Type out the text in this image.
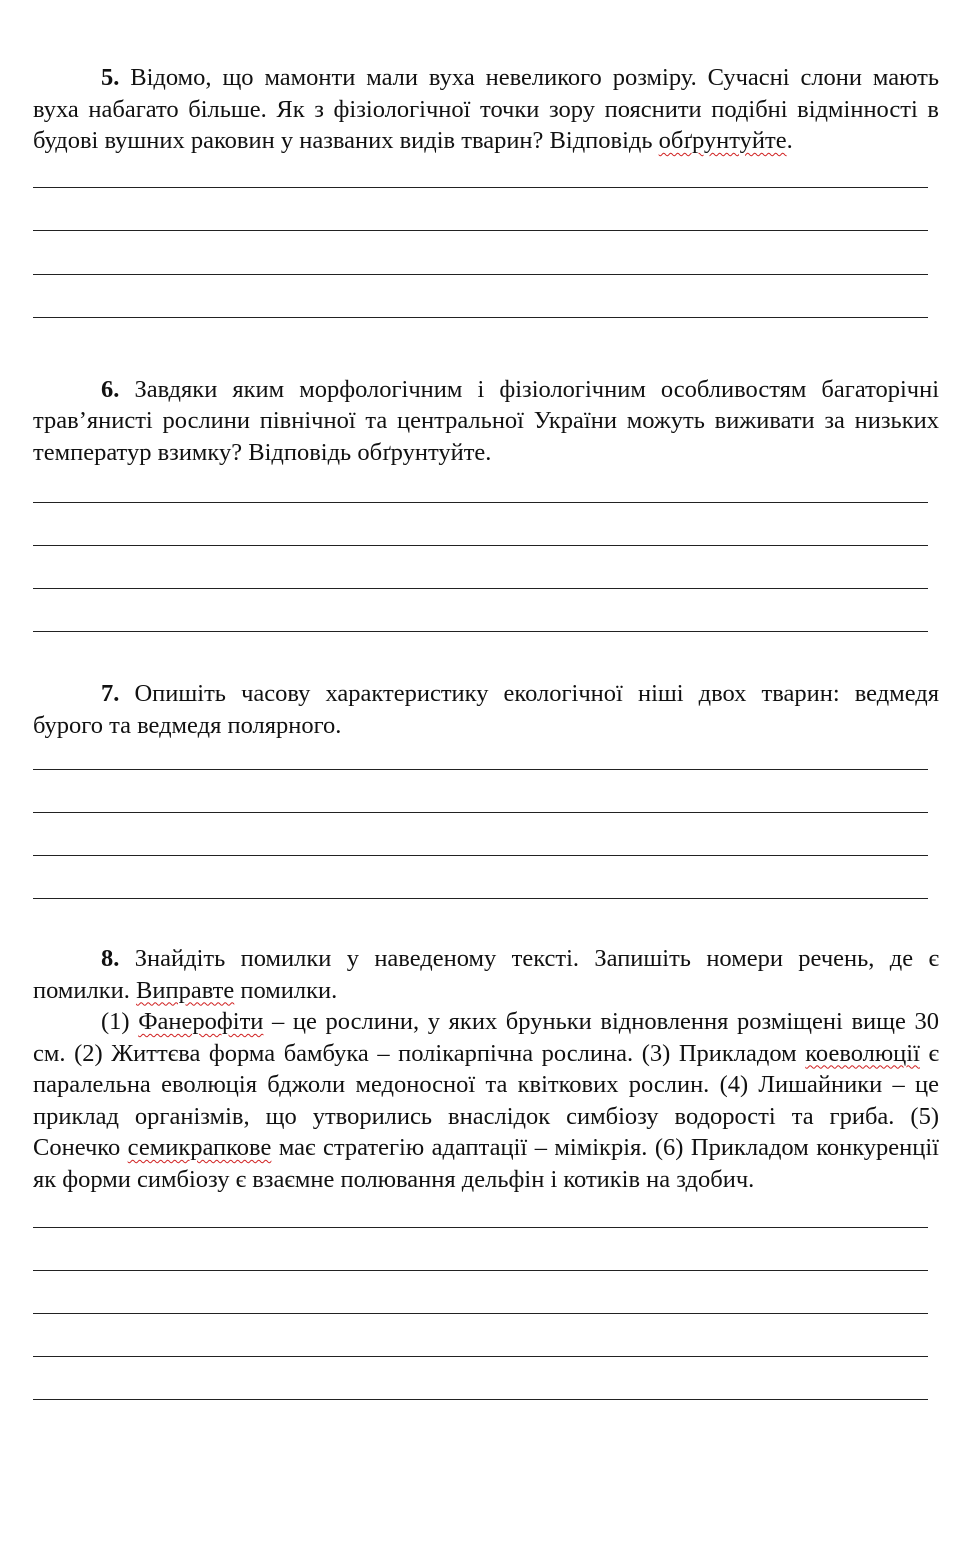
5. Відомо, що мамонти мали вуха невеликого розміру. Сучасні слони мають вуха набагато більше. Як з фізіологічної точки зору пояснити подібні відмінності в будові вушних раковин у названих видів тварин? Відповідь обґрунтуйте.

6. Завдяки яким морфологічним і фізіологічним особливостям багаторічні трав’янисті рослини північної та центральної України можуть виживати за низьких температур взимку? Відповідь обґрунтуйте.

7. Опишіть часову характеристику екологічної ніші двох тварин: ведмедя бурого та ведмедя полярного.

8. Знайдіть помилки у наведеному тексті. Запишіть номери речень, де є помилки. Виправте помилки.

(1) Фанерофіти – це рослини, у яких бруньки відновлення розміщені вище 30 см. (2) Життєва форма бамбука – полікарпічна рослина. (3) Прикладом коеволюції є паралельна еволюція бджоли медоносної та квіткових рослин. (4) Лишайники – це приклад організмів, що утворились внаслідок симбіозу водорості та гриба. (5) Сонечко семикрапкове має стратегію адаптації – мімікрія. (6) Прикладом конкуренції як форми симбіозу є взаємне полювання дельфін і котиків на здобич.
